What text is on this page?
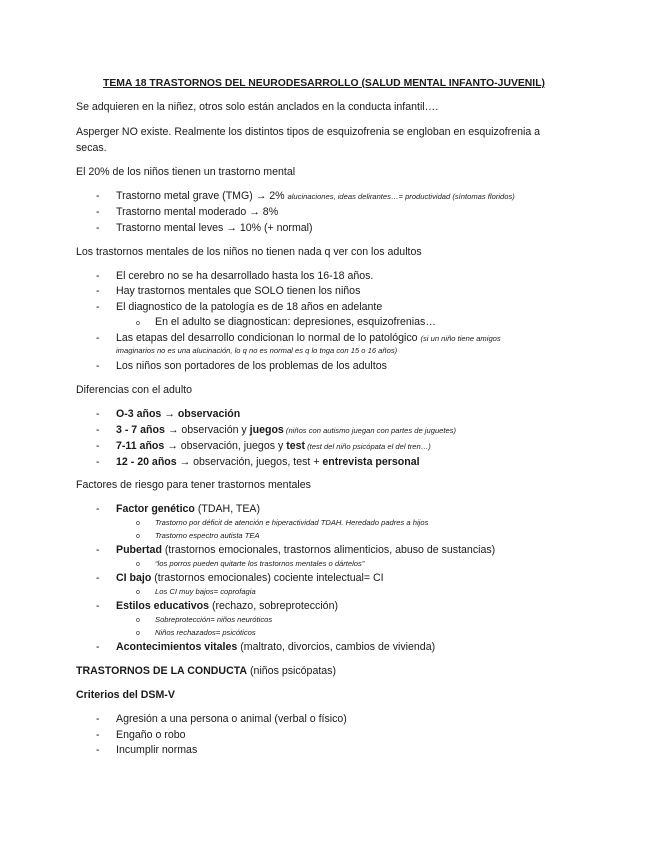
TEMA 18 TRASTORNOS DEL NEURODESARROLLO (SALUD MENTAL INFANTO-JUVENIL)
Se adquieren en la niñez, otros solo están anclados en la conducta infantil….
Asperger NO existe. Realmente los distintos tipos de esquizofrenia se engloban en esquizofrenia a
secas.
El 20% de los niños tienen un trastorno mental
- Trastorno metal grave (TMG) → 2% alucinaciones, ideas delirantes…= productividad (síntomas floridos)
- Trastorno mental moderado → 8%
- Trastorno mental leves → 10% (+ normal)
Los trastornos mentales de los niños no tienen nada q ver con los adultos
- El cerebro no se ha desarrollado hasta los 16-18 años.
- Hay trastornos mentales que SOLO tienen los niños
- El diagnostico de la patología es de 18 años en adelante
o En el adulto se diagnostican: depresiones, esquizofrenias…
- Las etapas del desarrollo condicionan lo normal de lo patológico (si un niño tiene amigos
imaginarios no es una alucinación, lo q no es normal es q lo tnga con 15 o 16 años)
- Los niños son portadores de los problemas de los adultos
Diferencias con el adulto
- O-3 años → observación
- 3 - 7 años → observación y juegos (niños con autismo juegan con partes de juguetes)
- 7-11 años → observación, juegos y test (test del niño psicópata el del tren…)
- 12 - 20 años → observación, juegos, test + entrevista personal
Factores de riesgo para tener trastornos mentales
- Factor genético (TDAH, TEA)
o Trastorno por déficit de atención e hiperactividad TDAH. Heredado padres a hijos
o Trastorno espectro autista TEA
- Pubertad (trastornos emocionales, trastornos alimenticios, abuso de sustancias)
o “los porros pueden quitarte los trastornos mentales o dártelos”
- CI bajo (trastornos emocionales) cociente intelectual= CI
o Los CI muy bajos= coprofagia
- Estilos educativos (rechazo, sobreprotección)
o Sobreprotección= niños neuróticos
o Niños rechazados= psicóticos
- Acontecimientos vitales (maltrato, divorcios, cambios de vivienda)
TRASTORNOS DE LA CONDUCTA (niños psicópatas)
Criterios del DSM-V
- Agresión a una persona o animal (verbal o físico)
- Engaño o robo
- Incumplir normas
